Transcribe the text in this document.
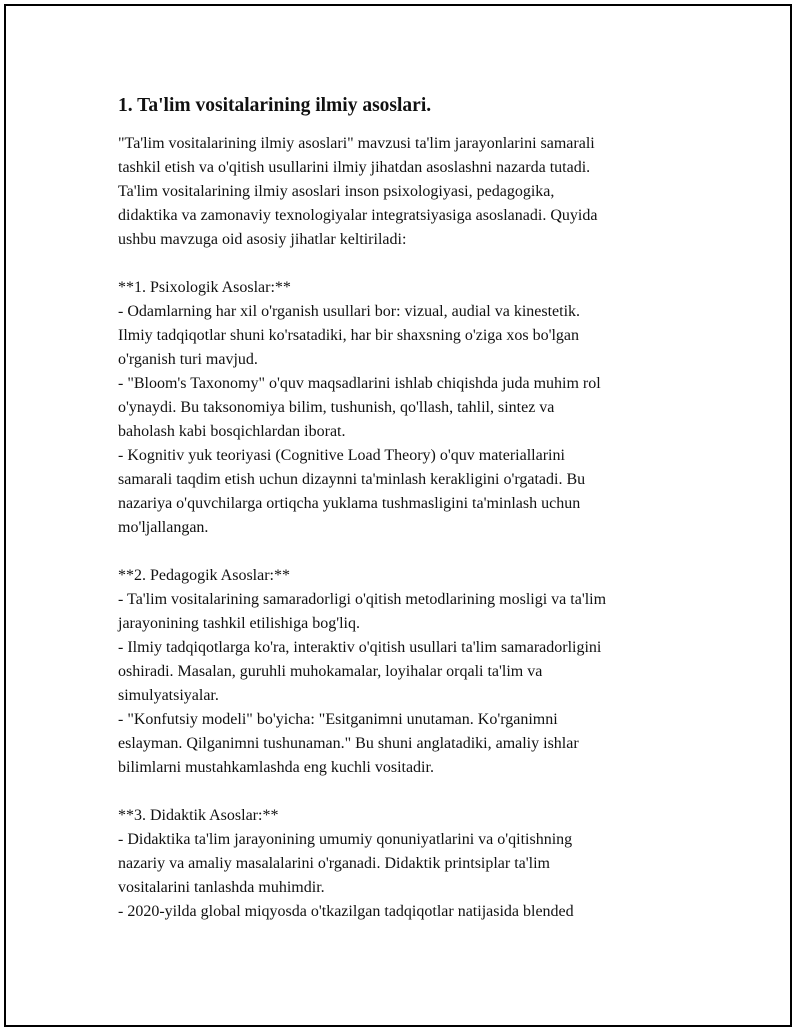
1. Ta'lim vositalarining ilmiy asoslari.
"Ta'lim vositalarining ilmiy asoslari" mavzusi ta'lim jarayonlarini samarali
tashkil etish va o'qitish usullarini ilmiy jihatdan asoslashni nazarda tutadi.
Ta'lim vositalarining ilmiy asoslari inson psixologiyasi, pedagogika,
didaktika va zamonaviy texnologiyalar integratsiyasiga asoslanadi. Quyida
ushbu mavzuga oid asosiy jihatlar keltiriladi:
**1. Psixologik Asoslar:**
- Odamlarning har xil o'rganish usullari bor: vizual, audial va kinestetik.
Ilmiy tadqiqotlar shuni ko'rsatadiki, har bir shaxsning o'ziga xos bo'lgan
o'rganish turi mavjud.
- "Bloom's Taxonomy" o'quv maqsadlarini ishlab chiqishda juda muhim rol
o'ynaydi. Bu taksonomiya bilim, tushunish, qo'llash, tahlil, sintez va
baholash kabi bosqichlardan iborat.
- Kognitiv yuk teoriyasi (Cognitive Load Theory) o'quv materiallarini
samarali taqdim etish uchun dizaynni ta'minlash kerakligini o'rgatadi. Bu
nazariya o'quvchilarga ortiqcha yuklama tushmasligini ta'minlash uchun
mo'ljallangan.
**2. Pedagogik Asoslar:**
- Ta'lim vositalarining samaradorligi o'qitish metodlarining mosligi va ta'lim
jarayonining tashkil etilishiga bog'liq.
- Ilmiy tadqiqotlarga ko'ra, interaktiv o'qitish usullari ta'lim samaradorligini
oshiradi. Masalan, guruhli muhokamalar, loyihalar orqali ta'lim va
simulyatsiyalar.
- "Konfutsiy modeli" bo'yicha: "Esitganimni unutaman. Ko'rganimni
eslayman. Qilganimni tushunaman." Bu shuni anglatadiki, amaliy ishlar
bilimlarni mustahkamlashda eng kuchli vositadir.
**3. Didaktik Asoslar:**
- Didaktika ta'lim jarayonining umumiy qonuniyatlarini va o'qitishning
nazariy va amaliy masalalarini o'rganadi. Didaktik printsiplar ta'lim
vositalarini tanlashda muhimdir.
- 2020-yilda global miqyosda o'tkazilgan tadqiqotlar natijasida blended
